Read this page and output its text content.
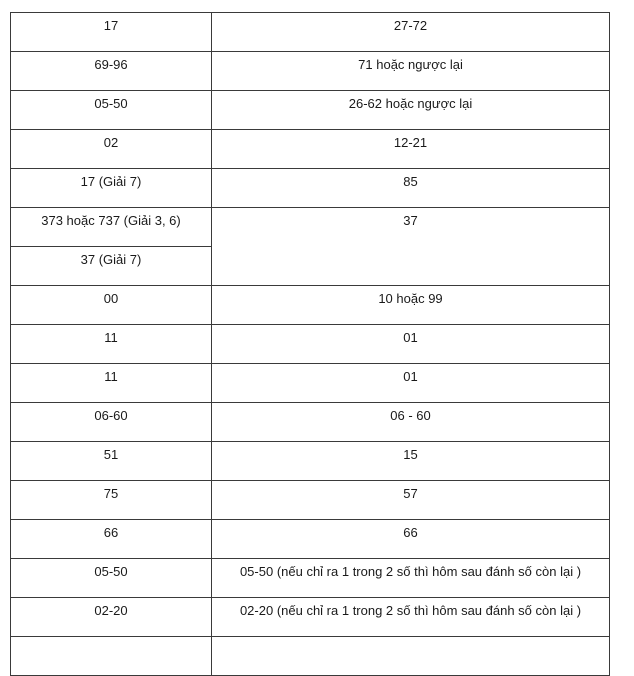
17	27-72

69-96	71 hoặc ngược lại

05-50	26-62 hoặc ngược lại

02	12-21

17 (Giải 7)	85

373 hoặc 737 (Giải 3, 6)	37

37 (Giải 7)	

00	10 hoặc 99

11	01

11	01

06-60	06 - 60

51	15

75	57

66	66

05-50	05-50 (nếu chỉ ra 1 trong 2 số thì hôm sau đánh số còn lại )

02-20	02-20 (nếu chỉ ra 1 trong 2 số thì hôm sau đánh số còn lại )
